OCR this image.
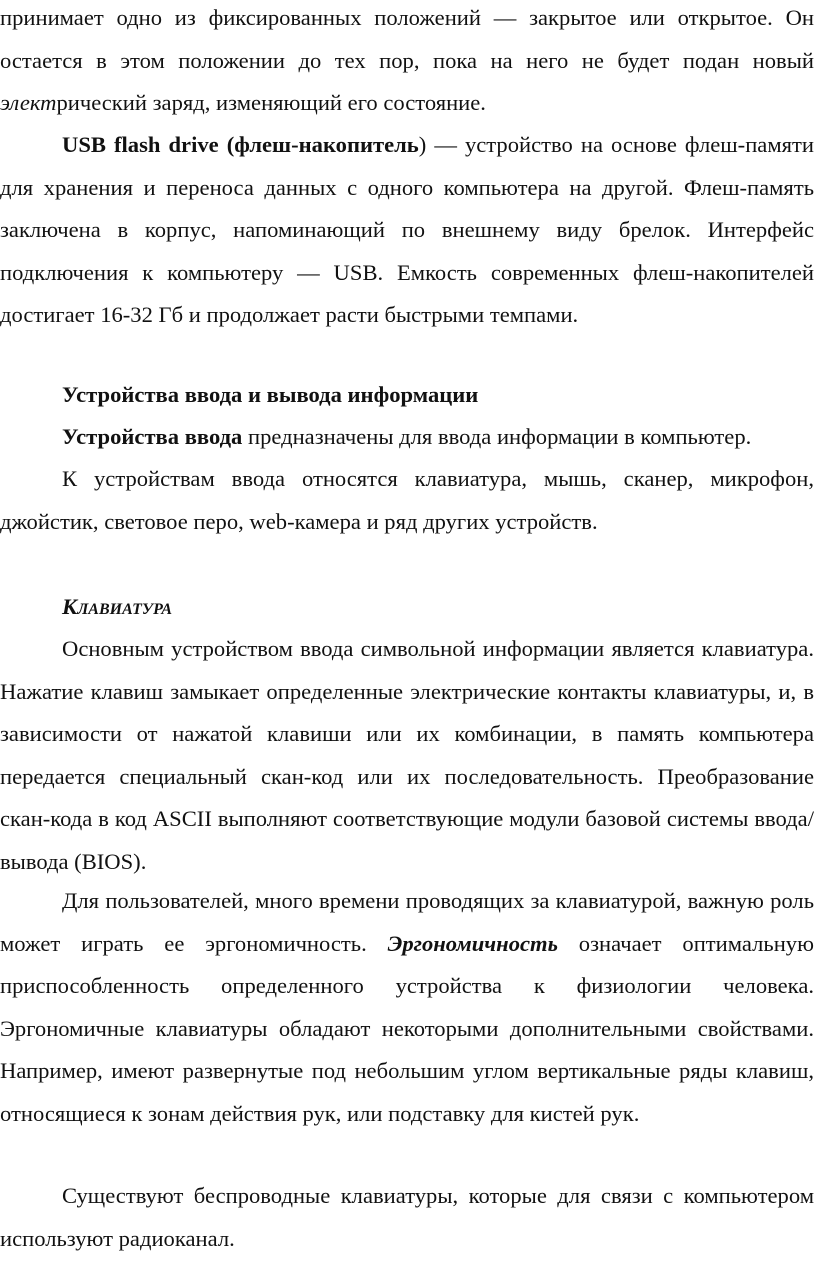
принимает одно из фиксированных положений — закрытое или открытое. Он остается в этом положении до тех пор, пока на него не будет подан новый электрический заряд, изменяющий его состояние.

USB flash drive (флеш-накопитель) — устройство на основе флеш-памяти для хранения и переноса данных с одного компьютера на другой. Флеш-память заключена в корпус, напоминающий по внешнему виду брелок. Интерфейс подключения к компьютеру — USB. Емкость современных флеш-накопителей достигает 16-32 Гб и продолжает расти быстрыми темпами.

Устройства ввода и вывода информации

Устройства ввода предназначены для ввода информации в компьютер.

К устройствам ввода относятся клавиатура, мышь, сканер, микрофон, джойстик, световое перо, web-камера и ряд других устройств.

КЛАВИАТУРА

Основным устройством ввода символьной информации является клавиатура. Нажатие клавиш замыкает определенные электрические контакты клавиатуры, и, в зависимости от нажатой клавиши или их комбинации, в память компьютера передается специальный скан-код или их последовательность. Преобразование скан-кода в код ASCII выполняют соответствующие модули базовой системы ввода/вывода (BIOS).

Для пользователей, много времени проводящих за клавиатурой, важную роль может играть ее эргономичность. Эргономичность означает оптимальную приспособленность определенного устройства к физиологии человека. Эргономичные клавиатуры обладают некоторыми дополнительными свойствами. Например, имеют развернутые под небольшим углом вертикальные ряды клавиш, относящиеся к зонам действия рук, или подставку для кистей рук.

Существуют беспроводные клавиатуры, которые для связи с компьютером используют радиоканал.
